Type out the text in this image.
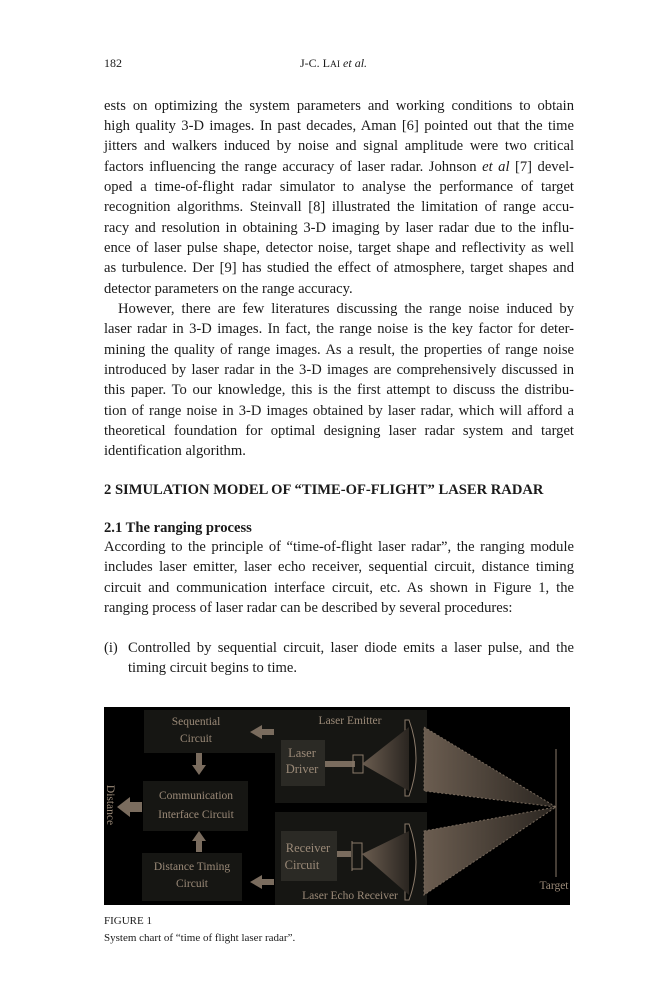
182	J-C. LAI et al.
ests on optimizing the system parameters and working conditions to obtain
high quality 3-D images. In past decades, Aman [6] pointed out that the time
jitters and walkers induced by noise and signal amplitude were two critical
factors influencing the range accuracy of laser radar. Johnson et al [7] devel-
oped a time-of-flight radar simulator to analyse the performance of target
recognition algorithms. Steinvall [8] illustrated the limitation of range accu-
racy and resolution in obtaining 3-D imaging by laser radar due to the influ-
ence of laser pulse shape, detector noise, target shape and reflectivity as well
as turbulence. Der [9] has studied the effect of atmosphere, target shapes and
detector parameters on the range accuracy.
However, there are few literatures discussing the range noise induced by
laser radar in 3-D images. In fact, the range noise is the key factor for deter-
mining the quality of range images. As a result, the properties of range noise
introduced by laser radar in the 3-D images are comprehensively discussed in
this paper. To our knowledge, this is the first attempt to discuss the distribu-
tion of range noise in 3-D images obtained by laser radar, which will afford a
theoretical foundation for optimal designing laser radar system and target
identification algorithm.
2 SIMULATION MODEL OF “TIME-OF-FLIGHT” LASER RADAR
2.1 The ranging process
According to the principle of “time-of-flight laser radar”, the ranging module
includes laser emitter, laser echo receiver, sequential circuit, distance timing
circuit and communication interface circuit, etc. As shown in Figure 1, the
ranging process of laser radar can be described by several procedures:
(i) Controlled by sequential circuit, laser diode emits a laser pulse, and the
timing circuit begins to time.
Sequential
Circuit
Communication
Interface Circuit
Distance Timing
Circuit
Laser Emitter
Laser
Driver
Receiver
Circuit
Laser Echo Receiver
Target
Distance
FIGURE 1
System chart of “time of flight laser radar”.
